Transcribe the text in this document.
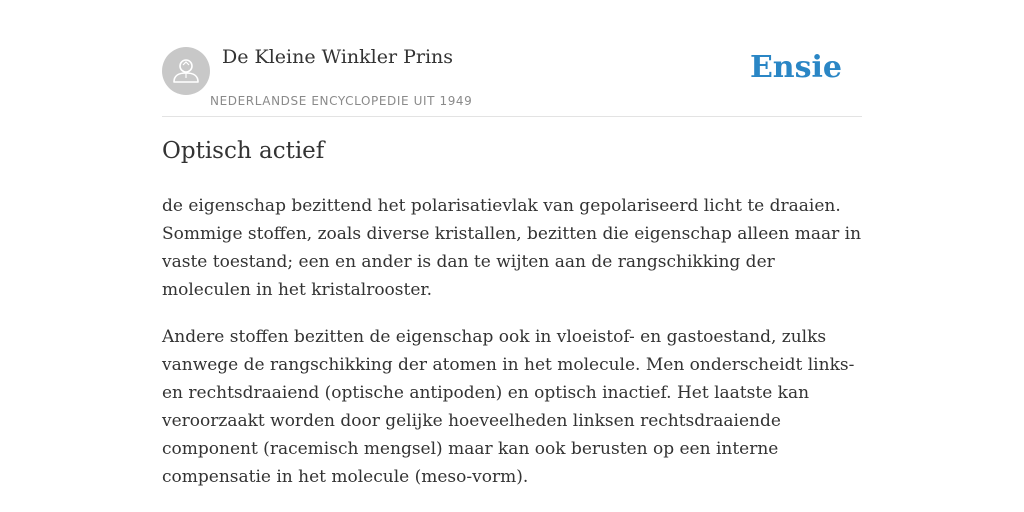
De Kleine Winkler Prins
NEDERLANDSE ENCYCLOPEDIE UIT 1949
Ensie
Optisch actief

de eigenschap bezittend het polarisatievlak van gepolariseerd licht te draaien. Sommige stoffen, zoals diverse kristallen, bezitten die eigenschap alleen maar in vaste toestand; een en ander is dan te wijten aan de rangschikking der moleculen in het kristalrooster.

Andere stoffen bezitten de eigenschap ook in vloeistof- en gastoestand, zulks vanwege de rangschikking der atomen in het molecule. Men onderscheidt links- en rechtsdraaiend (optische antipoden) en optisch inactief. Het laatste kan veroorzaakt worden door gelijke hoeveelheden linksen rechtsdraaiende component (racemisch mengsel) maar kan ook berusten op een interne compensatie in het molecule (meso-vorm).
